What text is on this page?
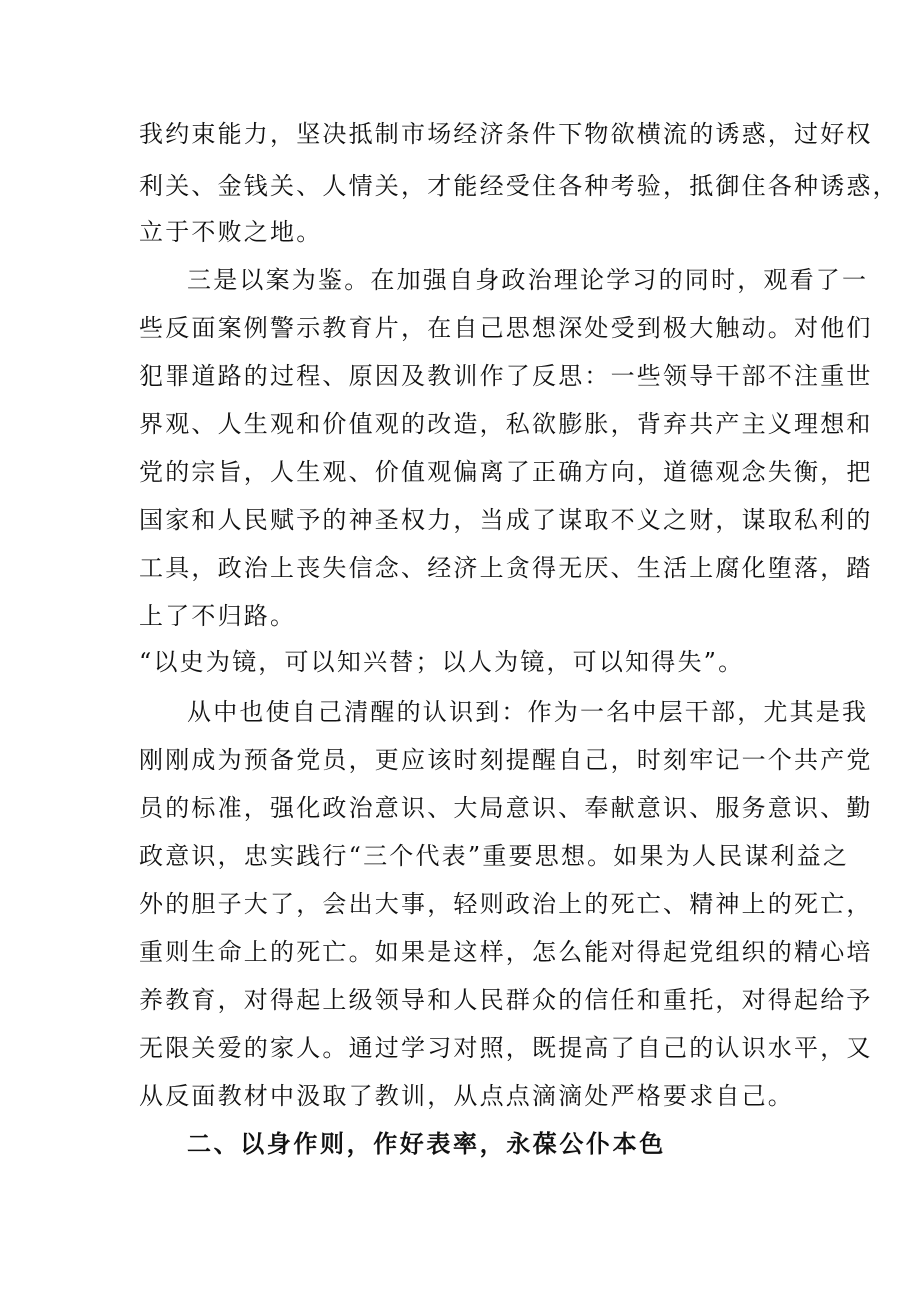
我约束能力，坚决抵制市场经济条件下物欲横流的诱惑，过好权
利关、金钱关、人情关，才能经受住各种考验，抵御住各种诱惑，
立于不败之地。
三是以案为鉴。在加强自身政治理论学习的同时，观看了一
些反面案例警示教育片，在自己思想深处受到极大触动。对他们
犯罪道路的过程、原因及教训作了反思：一些领导干部不注重世
界观、人生观和价值观的改造，私欲膨胀，背弃共产主义理想和
党的宗旨，人生观、价值观偏离了正确方向，道德观念失衡，把
国家和人民赋予的神圣权力，当成了谋取不义之财，谋取私利的
工具，政治上丧失信念、经济上贪得无厌、生活上腐化堕落，踏
上了不归路。
“以史为镜，可以知兴替；以人为镜，可以知得失”。
从中也使自己清醒的认识到：作为一名中层干部，尤其是我
刚刚成为预备党员，更应该时刻提醒自己，时刻牢记一个共产党
员的标准，强化政治意识、大局意识、奉献意识、服务意识、勤
政意识，忠实践行“三个代表”重要思想。如果为人民谋利益之
外的胆子大了，会出大事，轻则政治上的死亡、精神上的死亡，
重则生命上的死亡。如果是这样，怎么能对得起党组织的精心培
养教育，对得起上级领导和人民群众的信任和重托，对得起给予
无限关爱的家人。通过学习对照，既提高了自己的认识水平，又
从反面教材中汲取了教训，从点点滴滴处严格要求自己。
二、以身作则，作好表率，永葆公仆本色
